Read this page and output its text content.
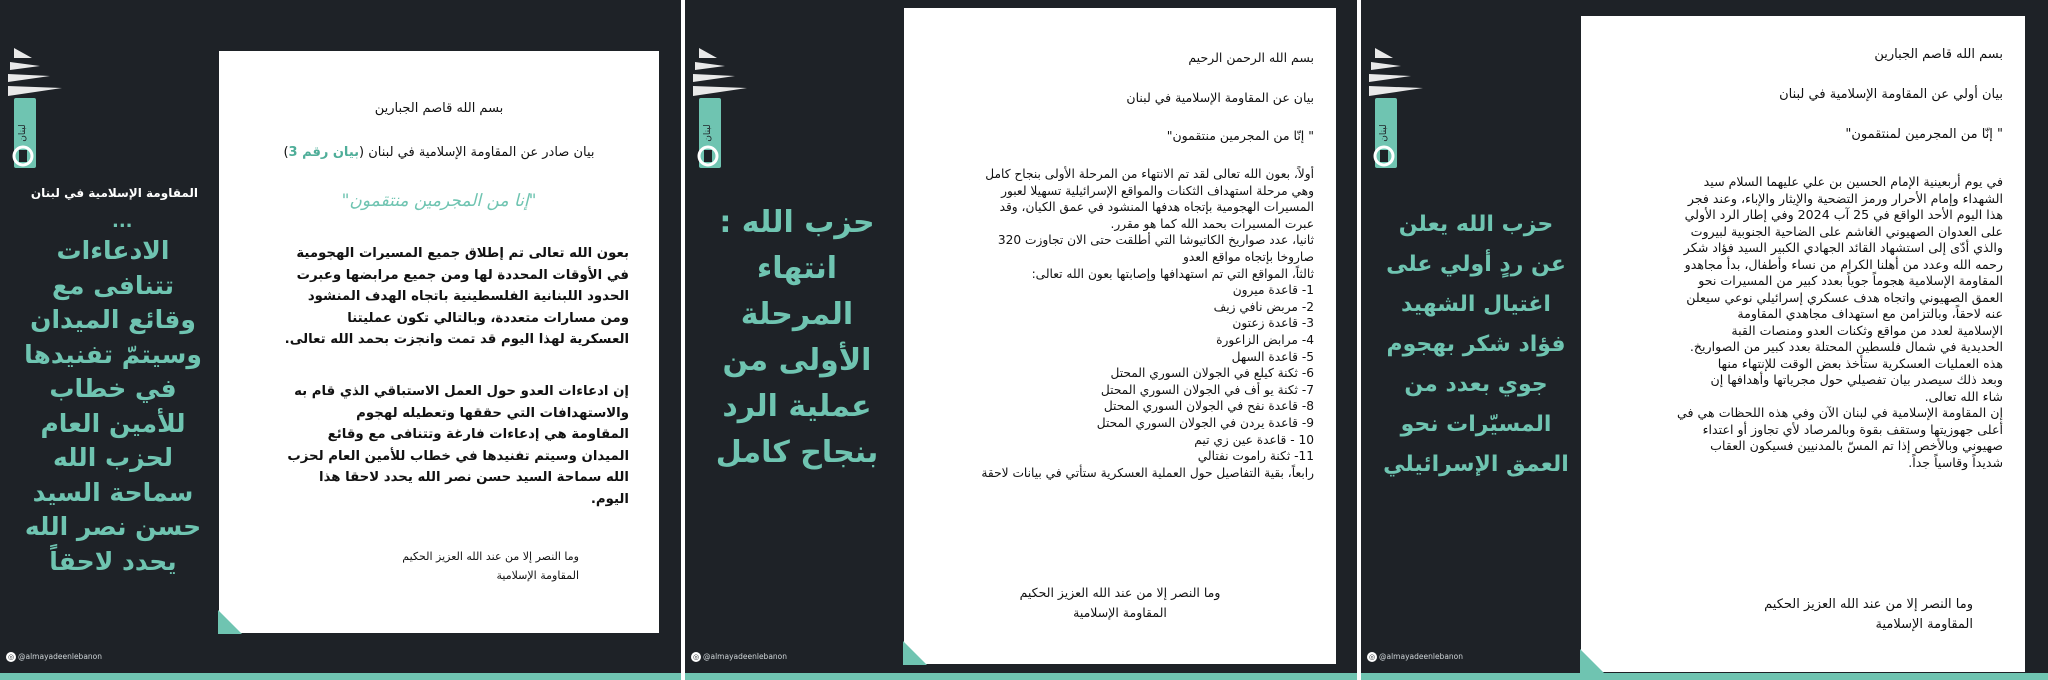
لبنان
المقاومة الإسلامية في لبنان
...
الادعاءات
تتنافى مع
وقائع الميدان
وسيتمّ تفنيدها
في خطاب
للأمين العام
لحزب الله
سماحة السيد
حسن نصر الله
يحدد لاحقاً

بسم الله قاصم الجبارين

بيان صادر عن المقاومة الإسلامية في لبنان (بيان رقم 3)

"إنا من المجرمين منتقمون"

بعون الله تعالى تم إطلاق جميع المسيرات الهجومية
في الأوقات المحددة لها ومن جميع مرابضها وعبرت
الحدود اللبنانية الفلسطينية باتجاه الهدف المنشود
ومن مسارات متعددة، وبالتالي تكون عمليتنا
العسكرية لهذا اليوم قد تمت وانجزت بحمد الله تعالى.
إن ادعاءات العدو حول العمل الاستباقي الذي قام به
والاستهدافات التي حققها وتعطيله لهجوم
المقاومة هي إدعاءات فارغة وتتنافى مع وقائع
الميدان وسيتم تفنيدها في خطاب للأمين العام لحزب
الله سماحة السيد حسن نصر الله يحدد لاحقا هذا
اليوم.

وما النصر إلا من عند الله العزيز الحكيم

المقاومة الإسلامية

◎ @almayadeenlebanon
لبنان
حزب الله :
انتهاء المرحلة
الأولى من
عملية الرد
بنجاح كامل

بسم الله الرحمن الرحيم

بيان عن المقاومة الإسلامية في لبنان

" إنّا من المجرمين منتقمون"

أولاً، بعون الله تعالى لقد تم الانتهاء من المرحلة الأولى بنجاح كامل
وهي مرحلة استهداف الثكنات والمواقع الإسرائيلية تسهيلا لعبور
المسيرات الهجومية بإتجاه هدفها المنشود في عمق الكيان، وقد
عبرت المسيرات بحمد الله كما هو مقرر.
ثانيا، عدد صواريخ الكاتيوشا التي أطلقت حتى الان تجاوزت 320
صاروخا بإتجاه مواقع العدو
ثالثاً، المواقع التي تم استهدافها وإصابتها بعون الله تعالى:
1- قاعدة ميرون
2- مربض نافي زيف
3- قاعدة زعتون
4- مرابض الزاعورة
5- قاعدة السهل
6- ثكنة كيلع في الجولان السوري المحتل
7- ثكنة يو أف في الجولان السوري المحتل
8- قاعدة نفح في الجولان السوري المحتل
9- قاعدة يردن في الجولان السوري المحتل
10 - قاعدة عين زي تيم
11- ثكنة راموت نفتالي
رابعاً، بقية التفاصيل حول العملية العسكرية ستأتي في بيانات لاحقة

وما النصر إلا من عند الله العزيز الحكيم

المقاومة الإسلامية

◎ @almayadeenlebanon
لبنان
حزب الله يعلن
عن ردٍ أولي على
اغتيال الشهيد
فؤاد شكر بهجوم
جوي بعدد من
المسيّرات نحو
العمق الإسرائيلي

بسم الله قاصم الجبارين

بيان أولي عن المقاومة الإسلامية في لبنان

" إنّا من المجرمين لمنتقمون"

في يوم أربعينية الإمام الحسين بن علي عليهما السلام سيد
الشهداء وإمام الأحرار ورمز التضحية والإيثار والإباء، وعند فجر
هذا اليوم الأحد الواقع في 25 آب 2024 وفي إطار الرد الأولي
على العدوان الصهيوني الغاشم على الضاحية الجنوبية لبيروت
والذي أدّى إلى استشهاد القائد الجهادي الكبير السيد فؤاد شكر
رحمه الله وعدد من أهلنا الكرام من نساء وأطفال، بدأ مجاهدو
المقاومة الإسلامية هجوماً جوياً بعدد كبير من المسيرات نحو
العمق الصهيوني واتجاه هدف عسكري إسرائيلي نوعي سيعلن
عنه لاحقاً، وبالتزامن مع استهداف مجاهدي المقاومة
الإسلامية لعدد من مواقع وثكنات العدو ومنصات القبة
الحديدية في شمال فلسطين المحتلة بعدد كبير من الصواريخ.
هذه العمليات العسكرية ستأخذ بعض الوقت للإنتهاء منها
وبعد ذلك سيصدر بيان تفصيلي حول مجرياتها وأهدافها إن
شاء الله تعالى.
إن المقاومة الإسلامية في لبنان الآن وفي هذه اللحظات هي في
أعلى جهوزيتها وستقف بقوة وبالمرصاد لأي تجاوز أو اعتداء
صهيوني وبالأخص إذا تم المسّ بالمدنيين فسيكون العقاب
شديداً وقاسياً جداً.

وما النصر إلا من عند الله العزيز الحكيم

المقاومة الإسلامية

◎ @almayadeenlebanon
